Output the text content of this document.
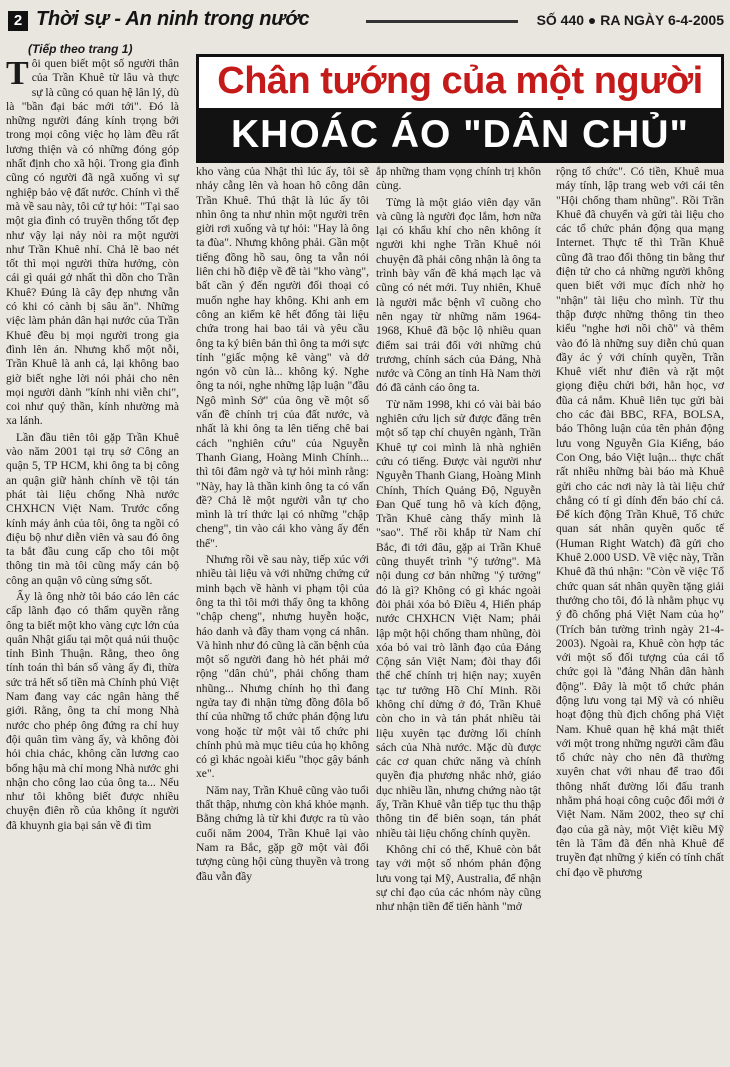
2 Thời sự - An ninh trong nước	SỐ 440 ● RA NGÀY 6-4-2005
(Tiếp theo trang 1)
Chân tướng của một người
KHOÁC ÁO "DÂN CHỦ"

Tôi quen biết một số người thân của Trần Khuê từ lâu và thực sự là cũng có quan hệ lân lý, dù là "bần đại bác mới tới". Đó là những người đáng kính trọng bởi trong mọi công việc họ làm đều rất lương thiện và có những đóng góp nhất định cho xã hội. Trong gia đình cũng có người đã ngã xuống vì sự nghiệp bảo vệ đất nước. Chính vì thế mà về sau này, tôi cứ tự hỏi: "Tại sao một gia đình có truyền thống tốt đẹp như vậy lại nảy nòi ra một người như Trần Khuê nhỉ. Chả lẽ bao nét tốt thì mọi người thừa hưởng, còn cái gì quái gở nhất thì dồn cho Trần Khuê? Đúng là cây đẹp nhưng vẫn có khi có cành bị sâu ăn". Những việc làm phản dân hại nước của Trần Khuê đều bị mọi người trong gia đình lên án. Nhưng khổ một nỗi, Trần Khuê là anh cả, lại không bao giờ biết nghe lời nói phải cho nên mọi người dành "kính nhi viễn chi", coi như quỷ thần, kính nhường mà xa lánh.

Lần đầu tiên tôi gặp Trần Khuê vào năm 2001 tại trụ sở Công an quận 5, TP HCM, khi ông ta bị công an quận giữ hành chính về tội tán phát tài liệu chống Nhà nước CHXHCN Việt Nam. Trước cổng kính máy ảnh của tôi, ông ta ngồi có điệu bộ như diễn viên và sau đó ông ta bắt đầu cung cấp cho tôi một thông tin mà tôi cũng mấy cán bộ công an quận vô cùng sửng sốt.

Ấy là ông nhờ tôi báo cáo lên các cấp lãnh đạo có thẩm quyền rằng ông ta biết một kho vàng cực lớn của quân Nhật giấu tại một quả núi thuộc tỉnh Bình Thuận. Rằng, theo ông tính toán thì bán số vàng ấy đi, thừa sức trả hết số tiền mà Chính phủ Việt Nam đang vay các ngân hàng thế giới. Rằng, ông ta chỉ mong Nhà nước cho phép ông đứng ra chỉ huy đội quân tìm vàng ấy, và không đòi hỏi chia chác, không cần lương cao bổng hậu mà chỉ mong Nhà nước ghi nhận cho công lao của ông ta... Nếu như tôi không biết được nhiều chuyện điên rồ của không ít người đã khuynh gia bại sản về đi tìm

kho vàng của Nhật thì lúc ấy, tôi sẽ nhảy cẫng lên và hoan hô công dân Trần Khuê. Thú thật là lúc ấy tôi nhìn ông ta như nhìn một người trên giời rơi xuống và tự hỏi: "Hay là ông ta đùa". Nhưng không phải. Gần một tiếng đồng hồ sau, ông ta vẫn nói liên chi hồ điệp về đề tài "kho vàng", bất cần ý đến người đối thoại có muốn nghe hay không. Khi anh em công an kiểm kê hết đống tài liệu chứa trong hai bao tải và yêu cầu ông ta ký biên bản thì ông ta mới sực tỉnh "giấc mộng kê vàng" và dở ngón võ cùn là... không ký. Nghe ông ta nói, nghe những lập luận "đầu Ngô mình Sở" của ông về một số vấn đề chính trị của đất nước, và nhất là khi ông ta lên tiếng chê bai cách "nghiên cứu" của Nguyễn Thanh Giang, Hoàng Minh Chính... thì tôi đâm ngờ và tự hỏi mình rằng: "Này, hay là thần kinh ông ta có vấn đề? Chả lẽ một người vẫn tự cho mình là trí thức lại có những "chập cheng", tin vào cái kho vàng ấy đến thế".

Nhưng rồi về sau này, tiếp xúc với nhiều tài liệu và với những chứng cứ minh bạch về hành vi phạm tội của ông ta thì tôi mới thấy ông ta không "chập cheng", nhưng huyễn hoặc, háo danh và đầy tham vọng cá nhân. Và hình như đó cũng là căn bệnh của một số người đang hò hét phải mở rộng "dân chủ", phải chống tham nhũng... Nhưng chính họ thì đang ngửa tay đi nhận từng đồng đôla bố thí của những tổ chức phản động lưu vong hoặc từ một vài tổ chức phi chính phủ mà mục tiêu của họ không có gì khác ngoài kiểu "thọc gậy bánh xe".

Năm nay, Trần Khuê cũng vào tuổi thất thập, nhưng còn khá khỏe mạnh. Bằng chứng là từ khi được ra tù vào cuối năm 2004, Trần Khuê lại vào Nam ra Bắc, gặp gỡ một vài đối tượng cùng hội cùng thuyền và trong đầu vẫn đầy

ắp những tham vọng chính trị khôn cùng.

Từng là một giáo viên dạy văn và cũng là người đọc lắm, hơn nữa lại có khẩu khí cho nên không ít người khi nghe Trần Khuê nói chuyện đã phải công nhận là ông ta trình bày vấn đề khá mạch lạc và cũng có nét mới. Tuy nhiên, Khuê là người mắc bệnh vĩ cuồng cho nên ngay từ những năm 1964-1968, Khuê đã bộc lộ nhiều quan điểm sai trái đối với những chủ trương, chính sách của Đảng, Nhà nước và Công an tỉnh Hà Nam thời đó đã cảnh cáo ông ta.

Từ năm 1998, khi có vài bài báo nghiên cứu lịch sử được đăng trên một số tạp chí chuyên ngành, Trần Khuê tự coi mình là nhà nghiên cứu có tiếng. Được vài người như Nguyễn Thanh Giang, Hoàng Minh Chính, Thích Quảng Độ, Nguyễn Đan Quế tung hô và kích động, Trần Khuê càng thấy mình là "sao". Thế rồi khắp từ Nam chí Bắc, đi tới đâu, gặp ai Trần Khuê cũng thuyết trình "ý tưởng". Mà nội dung cơ bản những "ý tưởng" đó là gì? Không có gì khác ngoài đòi phải xóa bỏ Điều 4, Hiến pháp nước CHXHCN Việt Nam; phải lập một hội chống tham nhũng, đòi xóa bỏ vai trò lãnh đạo của Đảng Cộng sản Việt Nam; đòi thay đổi thể chế chính trị hiện nay; xuyên tạc tư tưởng Hồ Chí Minh. Rồi không chỉ dừng ở đó, Trần Khuê còn cho in và tán phát nhiều tài liệu xuyên tạc đường lối chính sách của Nhà nước. Mặc dù được các cơ quan chức năng và chính quyền địa phương nhắc nhở, giáo dục nhiều lần, nhưng chứng nào tật ấy, Trần Khuê vẫn tiếp tục thu thập thông tin để biên soạn, tán phát nhiều tài liệu chống chính quyền.

Không chỉ có thế, Khuê còn bắt tay với một số nhóm phản động lưu vong tại Mỹ, Australia, để nhận sự chỉ đạo của các nhóm này cũng như nhận tiền để tiến hành "mở

rộng tổ chức". Có tiền, Khuê mua máy tính, lập trang web với cái tên "Hội chống tham nhũng". Rồi Trần Khuê đã chuyển và gửi tài liệu cho các tổ chức phản động qua mạng Internet. Thực tế thì Trần Khuê cũng đã trao đổi thông tin bằng thư điện tử cho cả những người không quen biết với mục đích nhờ họ "nhận" tài liệu cho mình. Từ thu thập được những thông tin theo kiểu "nghe hơi nồi chõ" và thêm vào đó là những suy diễn chủ quan đầy ác ý với chính quyền, Trần Khuê viết như điên và rặt một giọng điệu chửi bới, hằn học, vơ đũa cả nắm. Khuê liên tục gửi bài cho các đài BBC, RFA, BOLSA, báo Thông luận của tên phản động lưu vong Nguyễn Gia Kiểng, báo Con Ong, báo Việt luận... thực chất rất nhiều những bài báo mà Khuê gửi cho các nơi này là tài liệu chứ chẳng có tí gì dính đến báo chí cả. Để kích động Trần Khuê, Tổ chức quan sát nhân quyền quốc tế (Human Right Watch) đã gửi cho Khuê 2.000 USD. Về việc này, Trần Khuê đã thú nhận: "Còn về việc Tổ chức quan sát nhân quyền tặng giải thưởng cho tôi, đó là nhằm phục vụ ý đồ chống phá Việt Nam của họ" (Trích bản tường trình ngày 21-4-2003). Ngoài ra, Khuê còn hợp tác với một số đối tượng của cái tổ chức gọi là "đảng Nhân dân hành động". Đây là một tổ chức phản động lưu vong tại Mỹ và có nhiều hoạt động thù địch chống phá Việt Nam. Khuê quan hệ khá mật thiết với một trong những người cầm đầu tổ chức này cho nên đã thường xuyên chat với nhau để trao đổi thông nhất đường lối đấu tranh nhằm phá hoại công cuộc đổi mới ở Việt Nam. Năm 2002, theo sự chỉ đạo của gã này, một Việt kiều Mỹ tên là Tâm đã đến nhà Khuê để truyền đạt những ý kiến có tính chất chỉ đạo về phương
